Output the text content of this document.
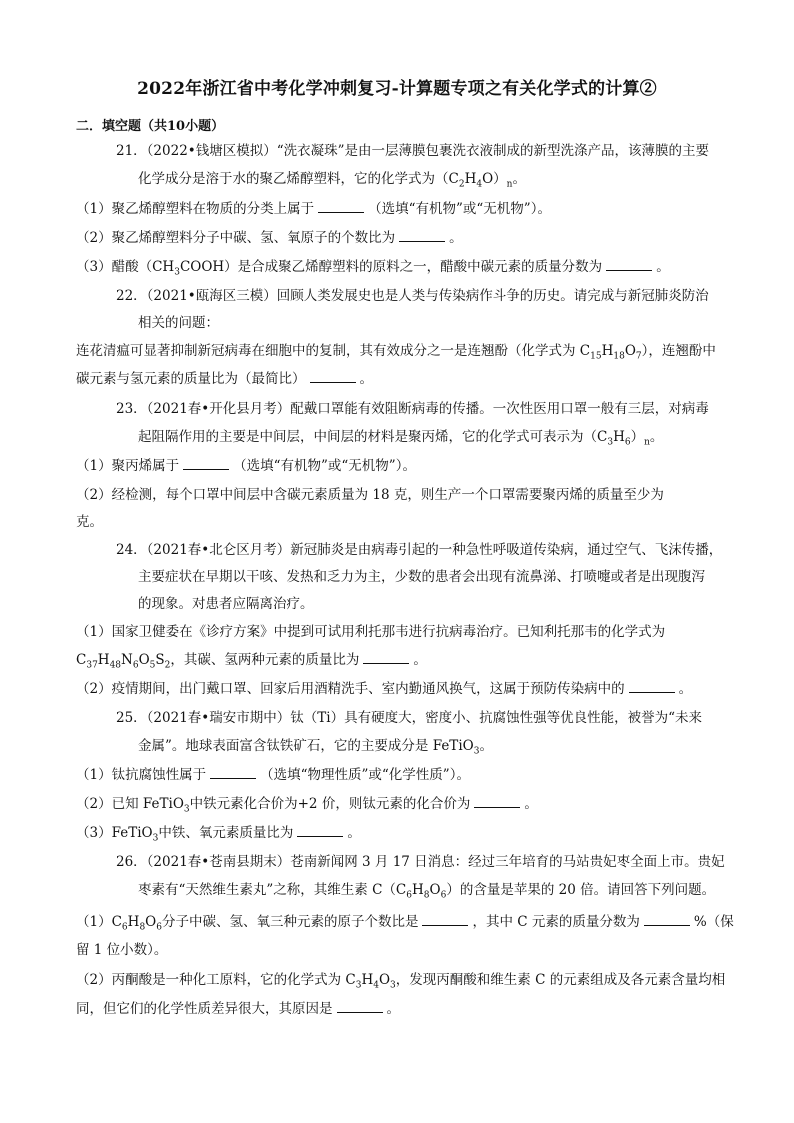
2022年浙江省中考化学冲刺复习-计算题专项之有关化学式的计算②
二．填空题（共10小题）
21．（2022•钱塘区模拟）“洗衣凝珠”是由一层薄膜包裹洗衣液制成的新型洗涤产品，该薄膜的主要
化学成分是溶于水的聚乙烯醇塑料，它的化学式为$(C_2H_4O)_n$。
（1）聚乙烯醇塑料在物质的分类上属于	（选填“有机物”或“无机物”）。
（2）聚乙烯醇塑料分子中碳、氢、氧原子的个数比为	。
（3）醋酸$(CH_3COOH)$是合成聚乙烯醇塑料的原料之一，醋酸中碳元素的质量分数为	。
22．（2021•瓯海区三模）回顾人类发展史也是人类与传染病作斗争的历史。请完成与新冠肺炎防治
相关的问题：
连花清瘟可显著抑制新冠病毒在细胞中的复制，其有效成分之一是连翘酚（化学式为 $C_{15}H_{18}O_7$），连翘酚中
碳元素与氢元素的质量比为（最简比）	。
23．（2021春•开化县月考）配戴口罩能有效阻断病毒的传播。一次性医用口罩一般有三层，对病毒
起阻隔作用的主要是中间层，中间层的材料是聚丙烯，它的化学式可表示为$(C_3H_6)_n$。
（1）聚丙烯属于	（选填“有机物”或“无机物”）。
（2）经检测，每个口罩中间层中含碳元素质量为 18 克，则生产一个口罩需要聚丙烯的质量至少为
克。
24．（2021春•北仑区月考）新冠肺炎是由病毒引起的一种急性呼吸道传染病，通过空气、飞沫传播，
主要症状在早期以干咳、发热和乏力为主，少数的患者会出现有流鼻涕、打喷嚏或者是出现腹泻
的现象。对患者应隔离治疗。
（1）国家卫健委在《诊疗方案》中提到可试用利托那韦进行抗病毒治疗。已知利托那韦的化学式为
$C_{37}H_{48}N_6O_5S_2$，其碳、氢两种元素的质量比为	。
（2）疫情期间，出门戴口罩、回家后用酒精洗手、室内勤通风换气，这属于预防传染病中的	。
25．（2021春•瑞安市期中）钛（Ti）具有硬度大，密度小、抗腐蚀性强等优良性能，被誉为“未来
金属”。地球表面富含钛铁矿石，它的主要成分是 FeTiO$_3$。
（1）钛抗腐蚀性属于	（选填“物理性质”或“化学性质”）。
（2）已知 FeTiO$_3$中铁元素化合价为+2 价，则钛元素的化合价为	。
（3）FeTiO$_3$中铁、氧元素质量比为	。
26．（2021春•苍南县期末）苍南新闻网 3 月 17 日消息：经过三年培育的马站贵妃枣全面上市。贵妃
枣素有“天然维生素丸”之称，其维生素 $C(C_6H_8O_6)$的含量是苹果的 20 倍。请回答下列问题。
$(1)C_6H_8O_6$分子中碳、氢、氧三种元素的原子个数比是	，其中 C 元素的质量分数为	%（保
留 1 位小数）。
（2）丙酮酸是一种化工原料，它的化学式为 $C_3H_4O_3$，发现丙酮酸和维生素 C 的元素组成及各元素含量均相
同，但它们的化学性质差异很大，其原因是	。
